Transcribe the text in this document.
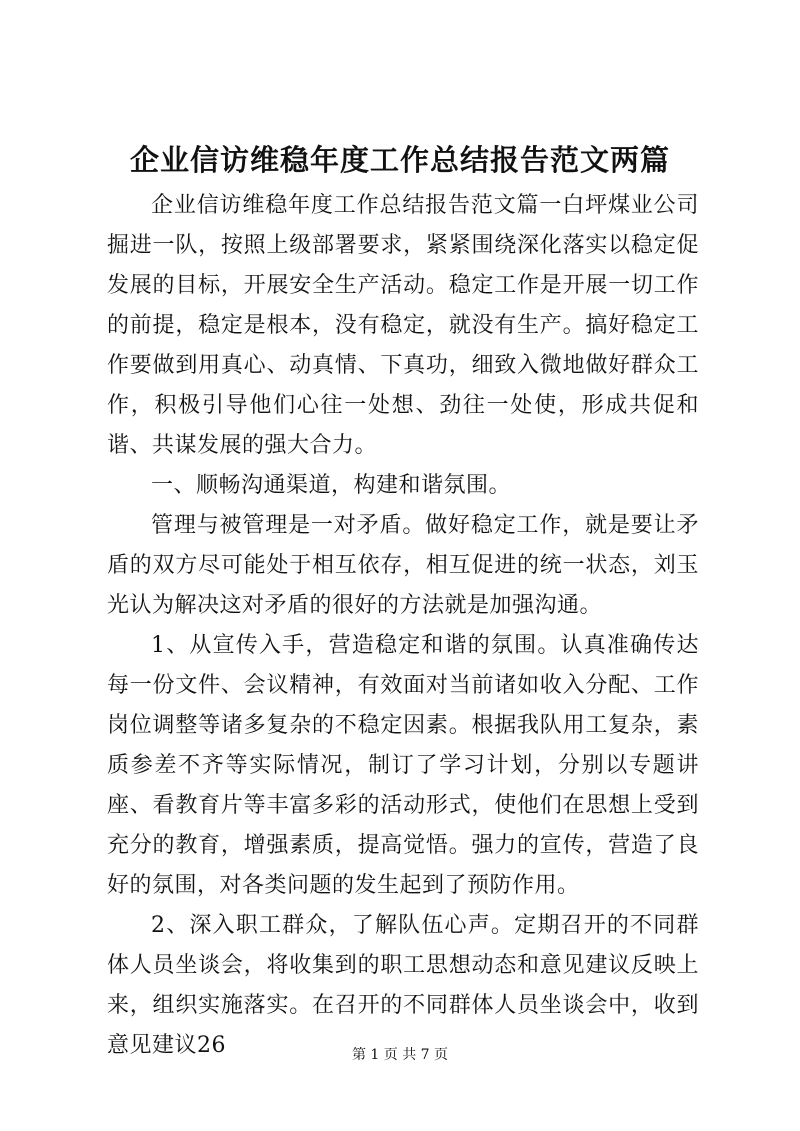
企业信访维稳年度工作总结报告范文两篇

企业信访维稳年度工作总结报告范文篇一白坪煤业公司掘进一队，按照上级部署要求，紧紧围绕深化落实以稳定促发展的目标，开展安全生产活动。稳定工作是开展一切工作的前提，稳定是根本，没有稳定，就没有生产。搞好稳定工作要做到用真心、动真情、下真功，细致入微地做好群众工作，积极引导他们心往一处想、劲往一处使，形成共促和谐、共谋发展的强大合力。

一、顺畅沟通渠道，构建和谐氛围。

管理与被管理是一对矛盾。做好稳定工作，就是要让矛盾的双方尽可能处于相互依存，相互促进的统一状态，刘玉光认为解决这对矛盾的很好的方法就是加强沟通。

1、从宣传入手，营造稳定和谐的氛围。认真准确传达每一份文件、会议精神，有效面对当前诸如收入分配、工作岗位调整等诸多复杂的不稳定因素。根据我队用工复杂，素质参差不齐等实际情况，制订了学习计划，分别以专题讲座、看教育片等丰富多彩的活动形式，使他们在思想上受到充分的教育，增强素质，提高觉悟。强力的宣传，营造了良好的氛围，对各类问题的发生起到了预防作用。

2、深入职工群众，了解队伍心声。定期召开的不同群体人员坐谈会，将收集到的职工思想动态和意见建议反映上来，组织实施落实。在召开的不同群体人员坐谈会中，收到意见建议26	第 1 页 共 7 页
